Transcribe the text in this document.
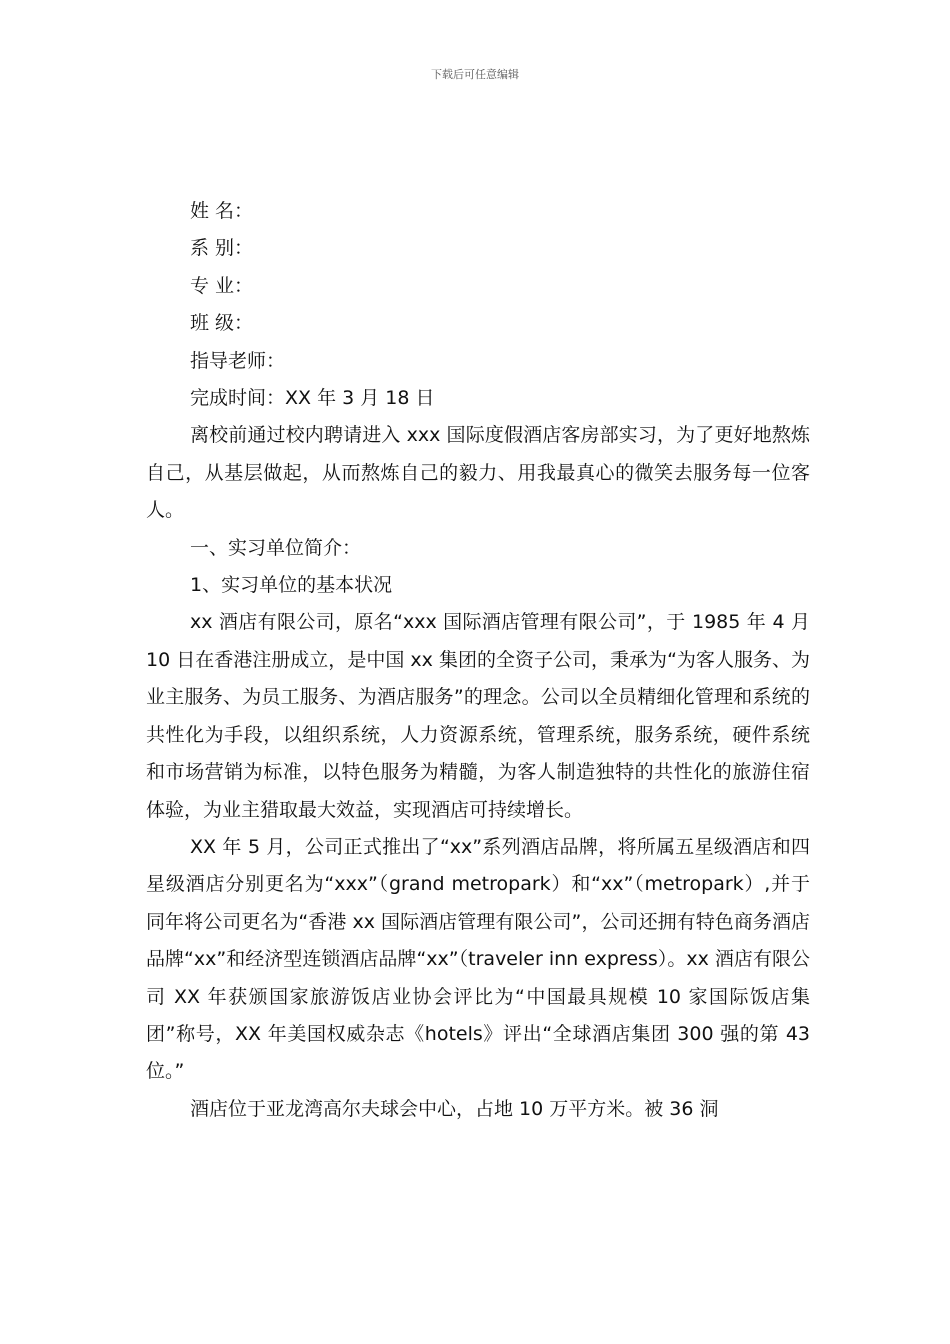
下载后可任意编辑

姓 名：

系 别：

专 业：

班 级：

指导老师：

完成时间：XX 年 3 月 18 日

离校前通过校内聘请进入 xxx 国际度假酒店客房部实习，为了更好地熬炼自己，从基层做起，从而熬炼自己的毅力、用我最真心的微笑去服务每一位客人。

一、实习单位简介：

1、实习单位的基本状况

xx 酒店有限公司，原名“xxx 国际酒店管理有限公司”，于 1985 年 4 月 10 日在香港注册成立，是中国 xx 集团的全资子公司，秉承为“为客人服务、为业主服务、为员工服务、为酒店服务”的理念。公司以全员精细化管理和系统的共性化为手段，以组织系统，人力资源系统，管理系统，服务系统，硬件系统和市场营销为标准，以特色服务为精髓，为客人制造独特的共性化的旅游住宿体验，为业主猎取最大效益，实现酒店可持续增长。

XX 年 5 月，公司正式推出了“xx”系列酒店品牌，将所属五星级酒店和四星级酒店分别更名为“xxx”（grand metropark）和“xx”（metropark）,并于同年将公司更名为“香港 xx 国际酒店管理有限公司”，公司还拥有特色商务酒店品牌“xx”和经济型连锁酒店品牌“xx”（traveler inn express）。xx 酒店有限公司 XX 年获颁国家旅游饭店业协会评比为“中国最具规模 10 家国际饭店集团”称号，XX 年美国权威杂志《hotels》评出“全球酒店集团 300 强的第 43 位。”

酒店位于亚龙湾高尔夫球会中心，占地 10 万平方米。被 36 洞
